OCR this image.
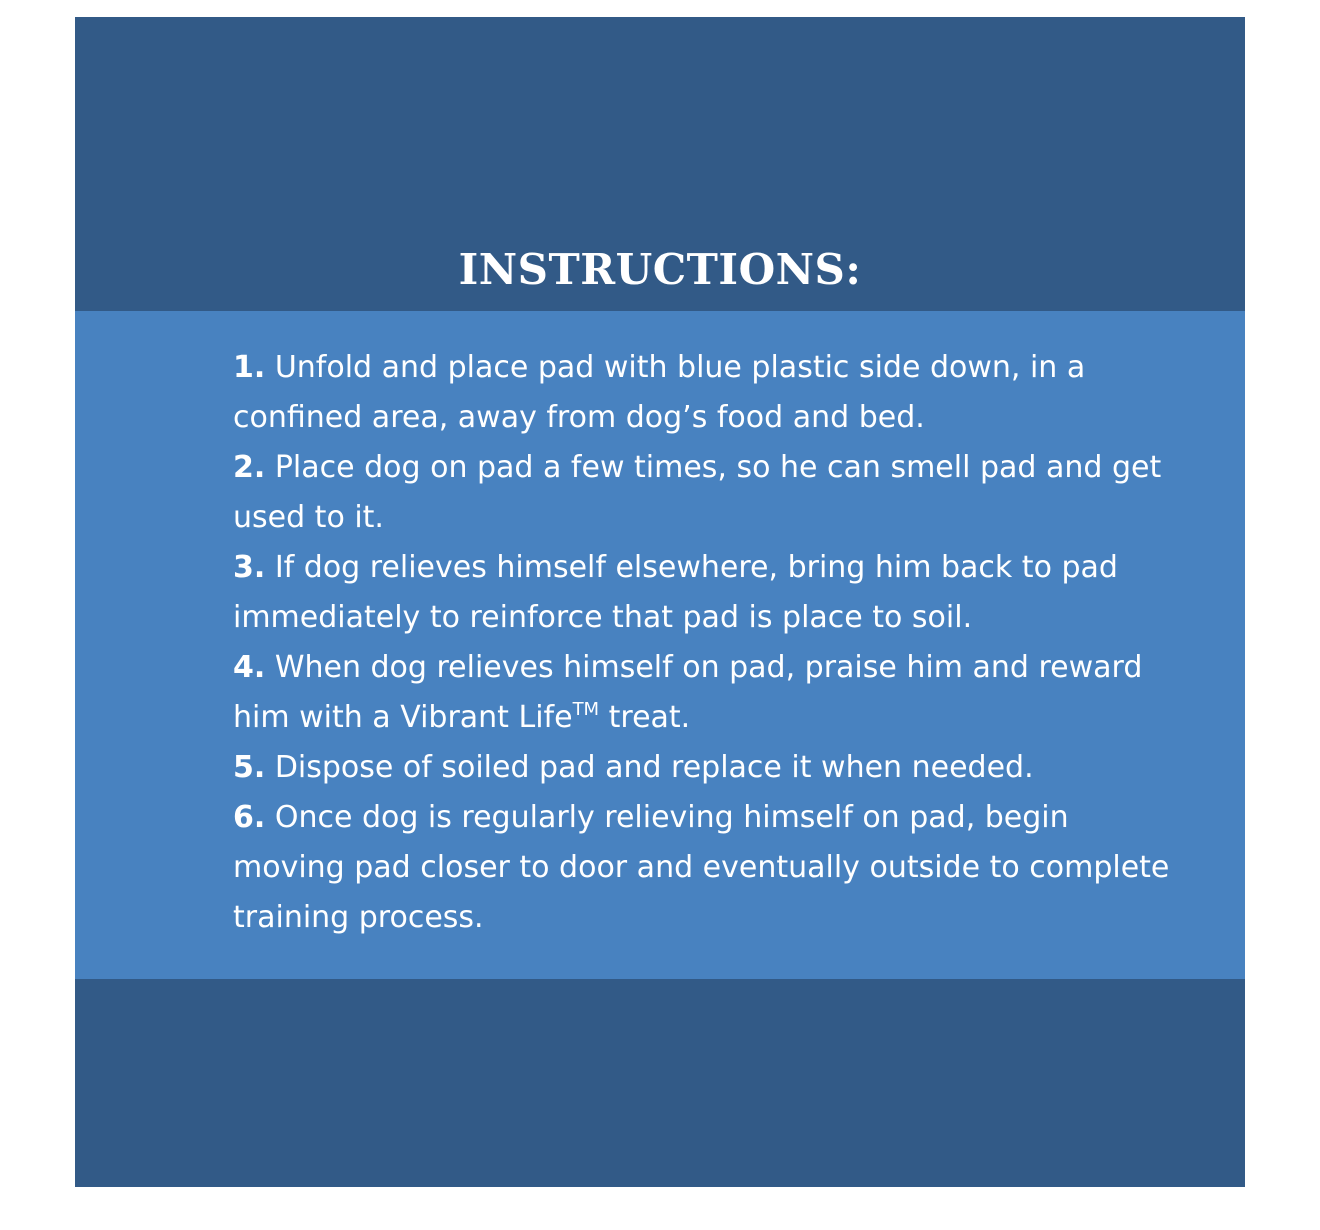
INSTRUCTIONS:
1. Unfold and place pad with blue plastic side down, in a confined area, away from dog’s food and bed.
2. Place dog on pad a few times, so he can smell pad and get used to it.
3. If dog relieves himself elsewhere, bring him back to pad immediately to reinforce that pad is place to soil.
4. When dog relieves himself on pad, praise him and reward him with a Vibrant Life™ treat.
5. Dispose of soiled pad and replace it when needed.
6. Once dog is regularly relieving himself on pad, begin moving pad closer to door and eventually outside to complete training process.
